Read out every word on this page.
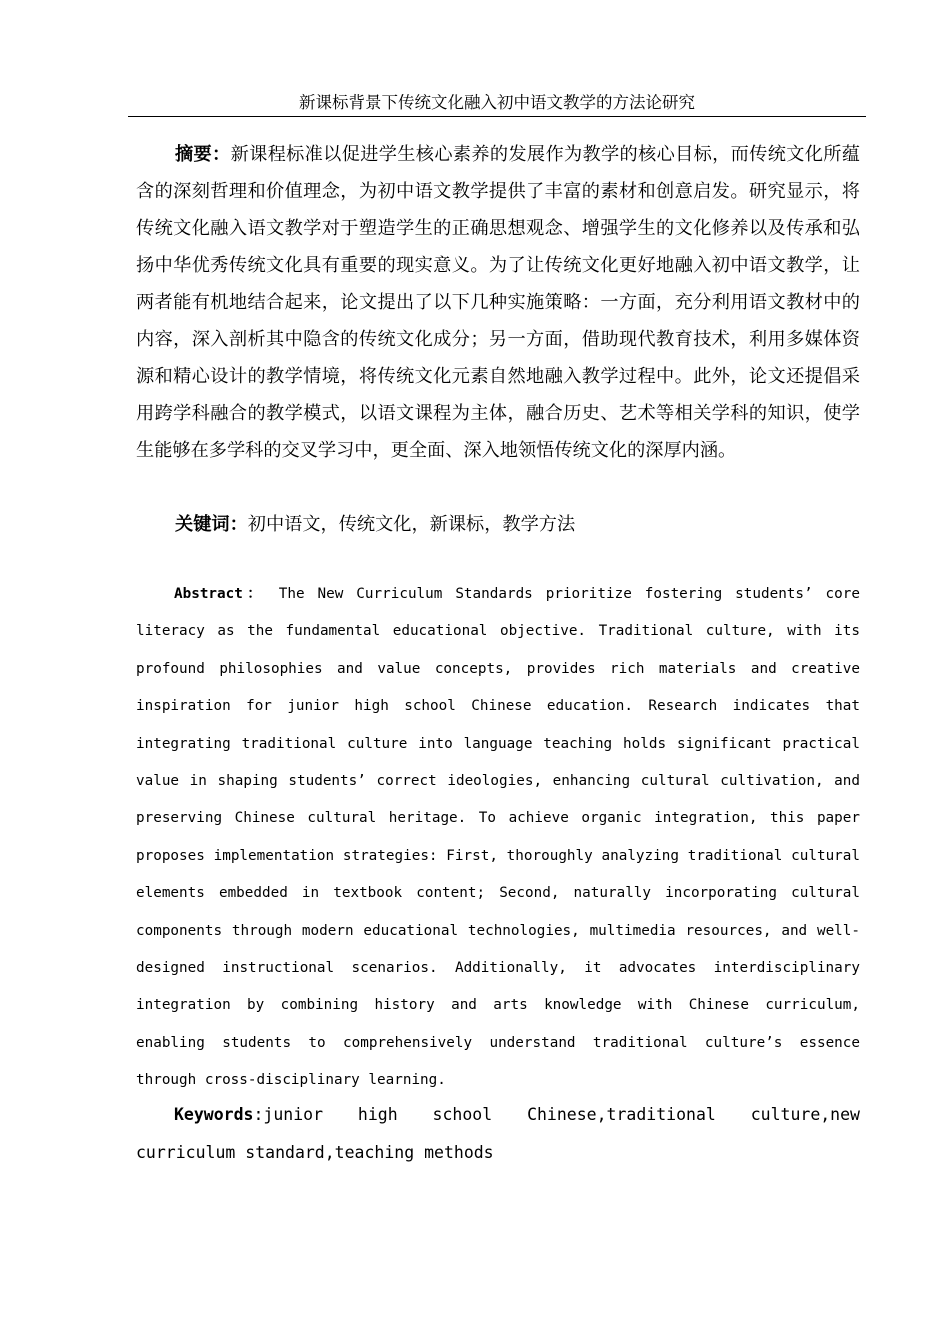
新课标背景下传统文化融入初中语文教学的方法论研究

摘要：新课程标准以促进学生核心素养的发展作为教学的核心目标，而传统文化所蕴含的深刻哲理和价值理念，为初中语文教学提供了丰富的素材和创意启发。研究显示，将传统文化融入语文教学对于塑造学生的正确思想观念、增强学生的文化修养以及传承和弘扬中华优秀传统文化具有重要的现实意义。为了让传统文化更好地融入初中语文教学，让两者能有机地结合起来，论文提出了以下几种实施策略：一方面，充分利用语文教材中的内容，深入剖析其中隐含的传统文化成分；另一方面，借助现代教育技术，利用多媒体资源和精心设计的教学情境，将传统文化元素自然地融入教学过程中。此外，论文还提倡采用跨学科融合的教学模式，以语文课程为主体，融合历史、艺术等相关学科的知识，使学生能够在多学科的交叉学习中，更全面、深入地领悟传统文化的深厚内涵。

关键词：初中语文，传统文化，新课标，教学方法

Abstract： The New Curriculum Standards prioritize fostering students’ core literacy as the fundamental educational objective. Traditional culture, with its profound philosophies and value concepts, provides rich materials and creative inspiration for junior high school Chinese education. Research indicates that integrating traditional culture into language teaching holds significant practical value in shaping students’ correct ideologies, enhancing cultural cultivation, and preserving Chinese cultural heritage. To achieve organic integration, this paper proposes implementation strategies: First, thoroughly analyzing traditional cultural elements embedded in textbook content; Second, naturally incorporating cultural components through modern educational technologies, multimedia resources, and well-designed instructional scenarios. Additionally, it advocates interdisciplinary integration by combining history and arts knowledge with Chinese curriculum, enabling students to comprehensively understand traditional culture’s essence through cross-disciplinary learning.

Keywords:junior high school Chinese,traditional culture,new curriculum standard,teaching methods
